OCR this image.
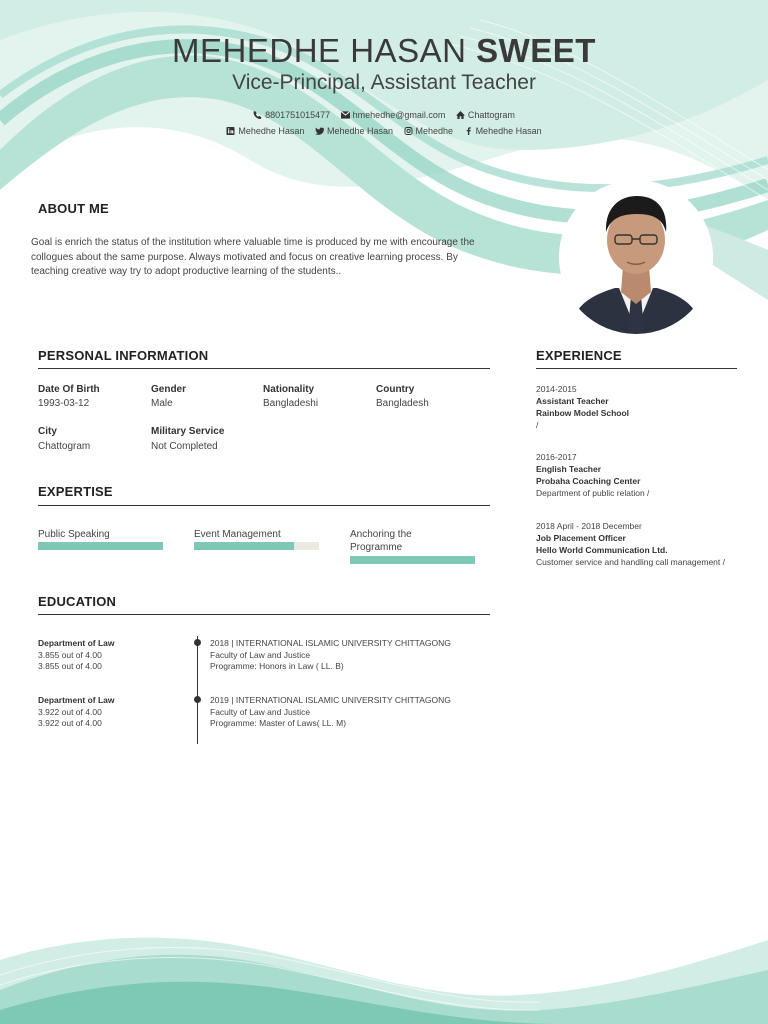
MEHEDHE HASAN SWEET
Vice-Principal, Assistant Teacher
8801751015477	hmehedhe@gmail.com	Chattogram
Mehedhe Hasan	Mehedhe Hasan	Mehedhe	Mehedhe Hasan
ABOUT ME
Goal is enrich the status of the institution where valuable time is produced by me with encourage the collogues about the same purpose. Always motivated and focus on creative learning process. By teaching creative way try to adopt productive learning of the students..
PERSONAL INFORMATION
Date Of Birth
1993-03-12
Gender
Male
Nationality
Bangladeshi
Country
Bangladesh
City
Chattogram
Military Service
Not Completed
EXPERTISE
Public Speaking	Event Management	Anchoring the Programme
EDUCATION
Department of Law
3.855 out of 4.00
3.855 out of 4.00
2018 | INTERNATIONAL ISLAMIC UNIVERSITY CHITTAGONG
Faculty of Law and Justice
Programme: Honors in Law ( LL. B)
Department of Law
3.922 out of 4.00
3.922 out of 4.00
2019 | INTERNATIONAL ISLAMIC UNIVERSITY CHITTAGONG
Faculty of Law and Justice
Programme: Master of Laws( LL. M)
EXPERIENCE
2014-2015
Assistant Teacher
Rainbow Model School
/
2016-2017
English Teacher
Probaha Coaching Center
Department of public relation /
2018 April - 2018 December
Job Placement Officer
Hello World Communication Ltd.
Customer service and handling call management /
